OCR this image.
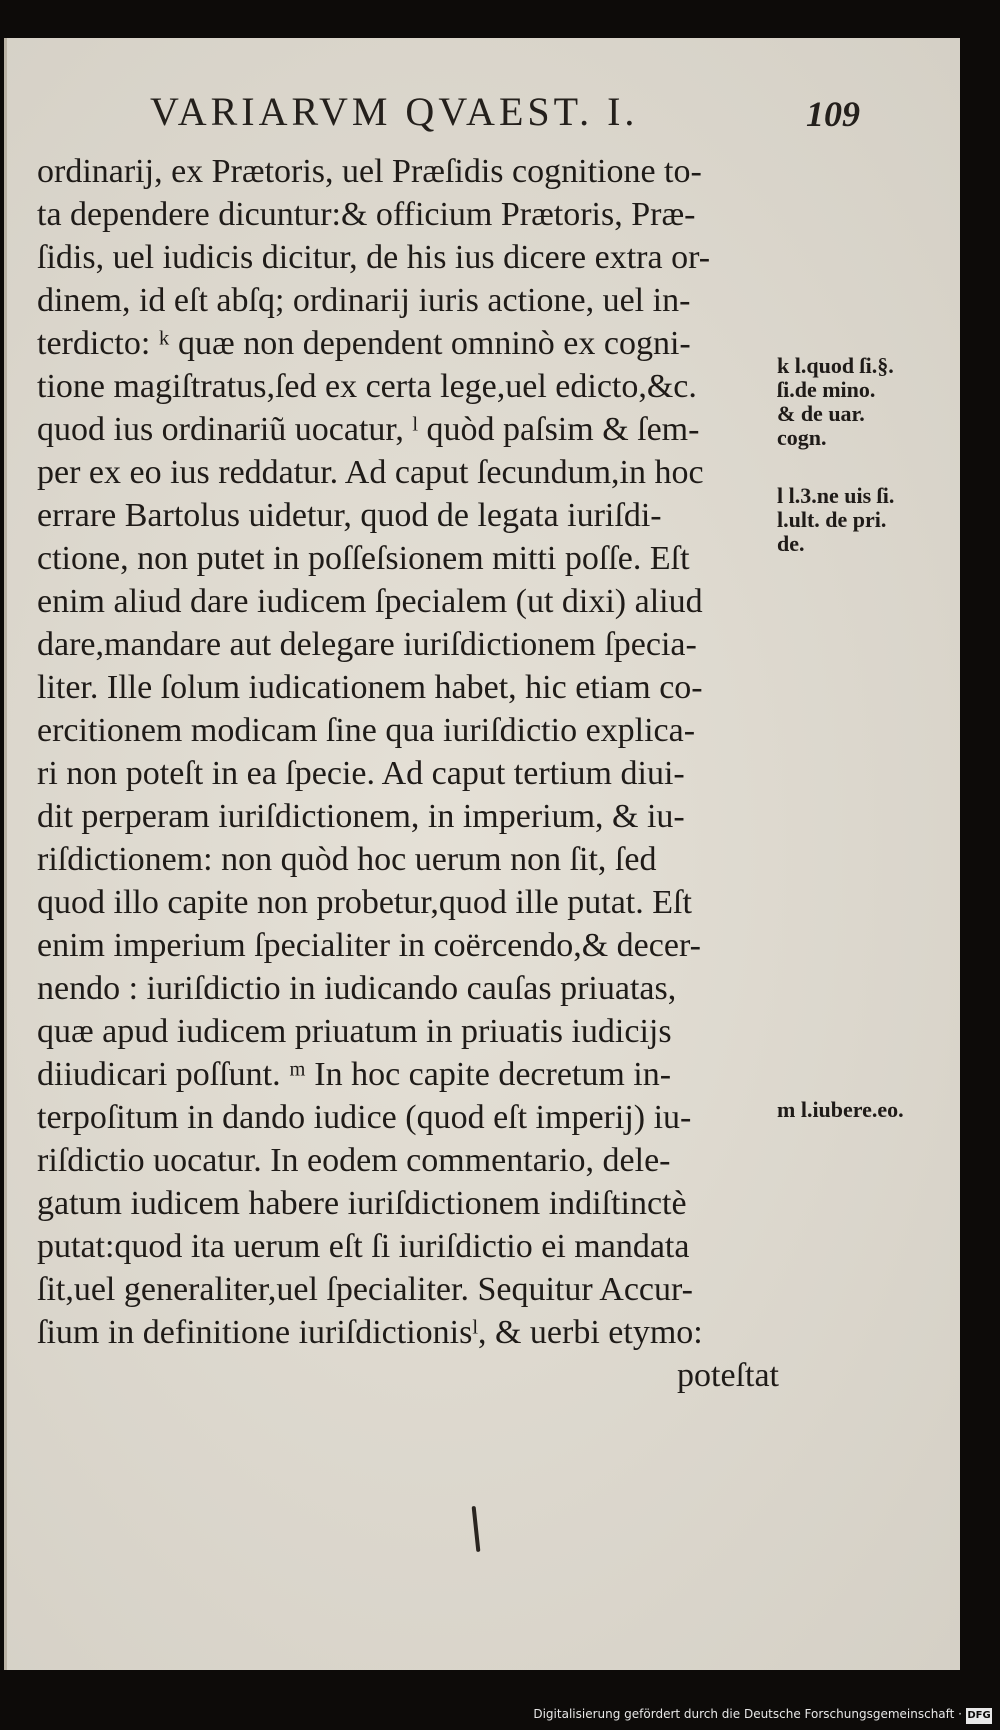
VARIARVM QVAEST. I.	109
ordinarij, ex Prætoris, uel Præſidis cognitione to-
ta dependere dicuntur:& officium Prætoris, Præ-
ſidis, uel iudicis dicitur, de his ius dicere extra or-
dinem, id eſt abſq; ordinarij iuris actione, uel in-
terdicto: ᵏ quæ non dependent omninò ex cogni-
tione magiſtratus,ſed ex certa lege,uel edicto,&c.
quod ius ordinariũ uocatur, ˡ quòd paſsim & ſem-
per ex eo ius reddatur. Ad caput ſecundum,in hoc
errare Bartolus uidetur, quod de legata iuriſdi-
ctione, non putet in poſſeſsionem mitti poſſe. Eſt
enim aliud dare iudicem ſpecialem (ut dixi) aliud
dare,mandare aut delegare iuriſdictionem ſpecia-
liter. Ille ſolum iudicationem habet, hic etiam co-
ercitionem modicam ſine qua iuriſdictio explica-
ri non poteſt in ea ſpecie. Ad caput tertium diui-
dit perperam iuriſdictionem, in imperium, & iu-
riſdictionem: non quòd hoc uerum non ſit, ſed
quod illo capite non probetur,quod ille putat. Eſt
enim imperium ſpecialiter in coërcendo,& decer-
nendo : iuriſdictio in iudicando cauſas priuatas,
quæ apud iudicem priuatum in priuatis iudicijs
diiudicari poſſunt. ᵐ In hoc capite decretum in-
terpoſitum in dando iudice (quod eſt imperij) iu-
riſdictio uocatur. In eodem commentario, dele-
gatum iudicem habere iuriſdictionem indiſtinctè
putat:quod ita uerum eſt ſi iuriſdictio ei mandata
ſit,uel generaliter,uel ſpecialiter. Sequitur Accur-
ſium in definitione iuriſdictionisˡ, & uerbi etymo:
poteſtat
k l.quod ſi.§.
ſi.de mino.
& de uar.
cogn.
l l.3.ne uis ſi.
l.ult. de pri.
de.
m l.iubere.eo.
Digitalisierung gefördert durch die Deutsche Forschungsgemeinschaft · DFG
